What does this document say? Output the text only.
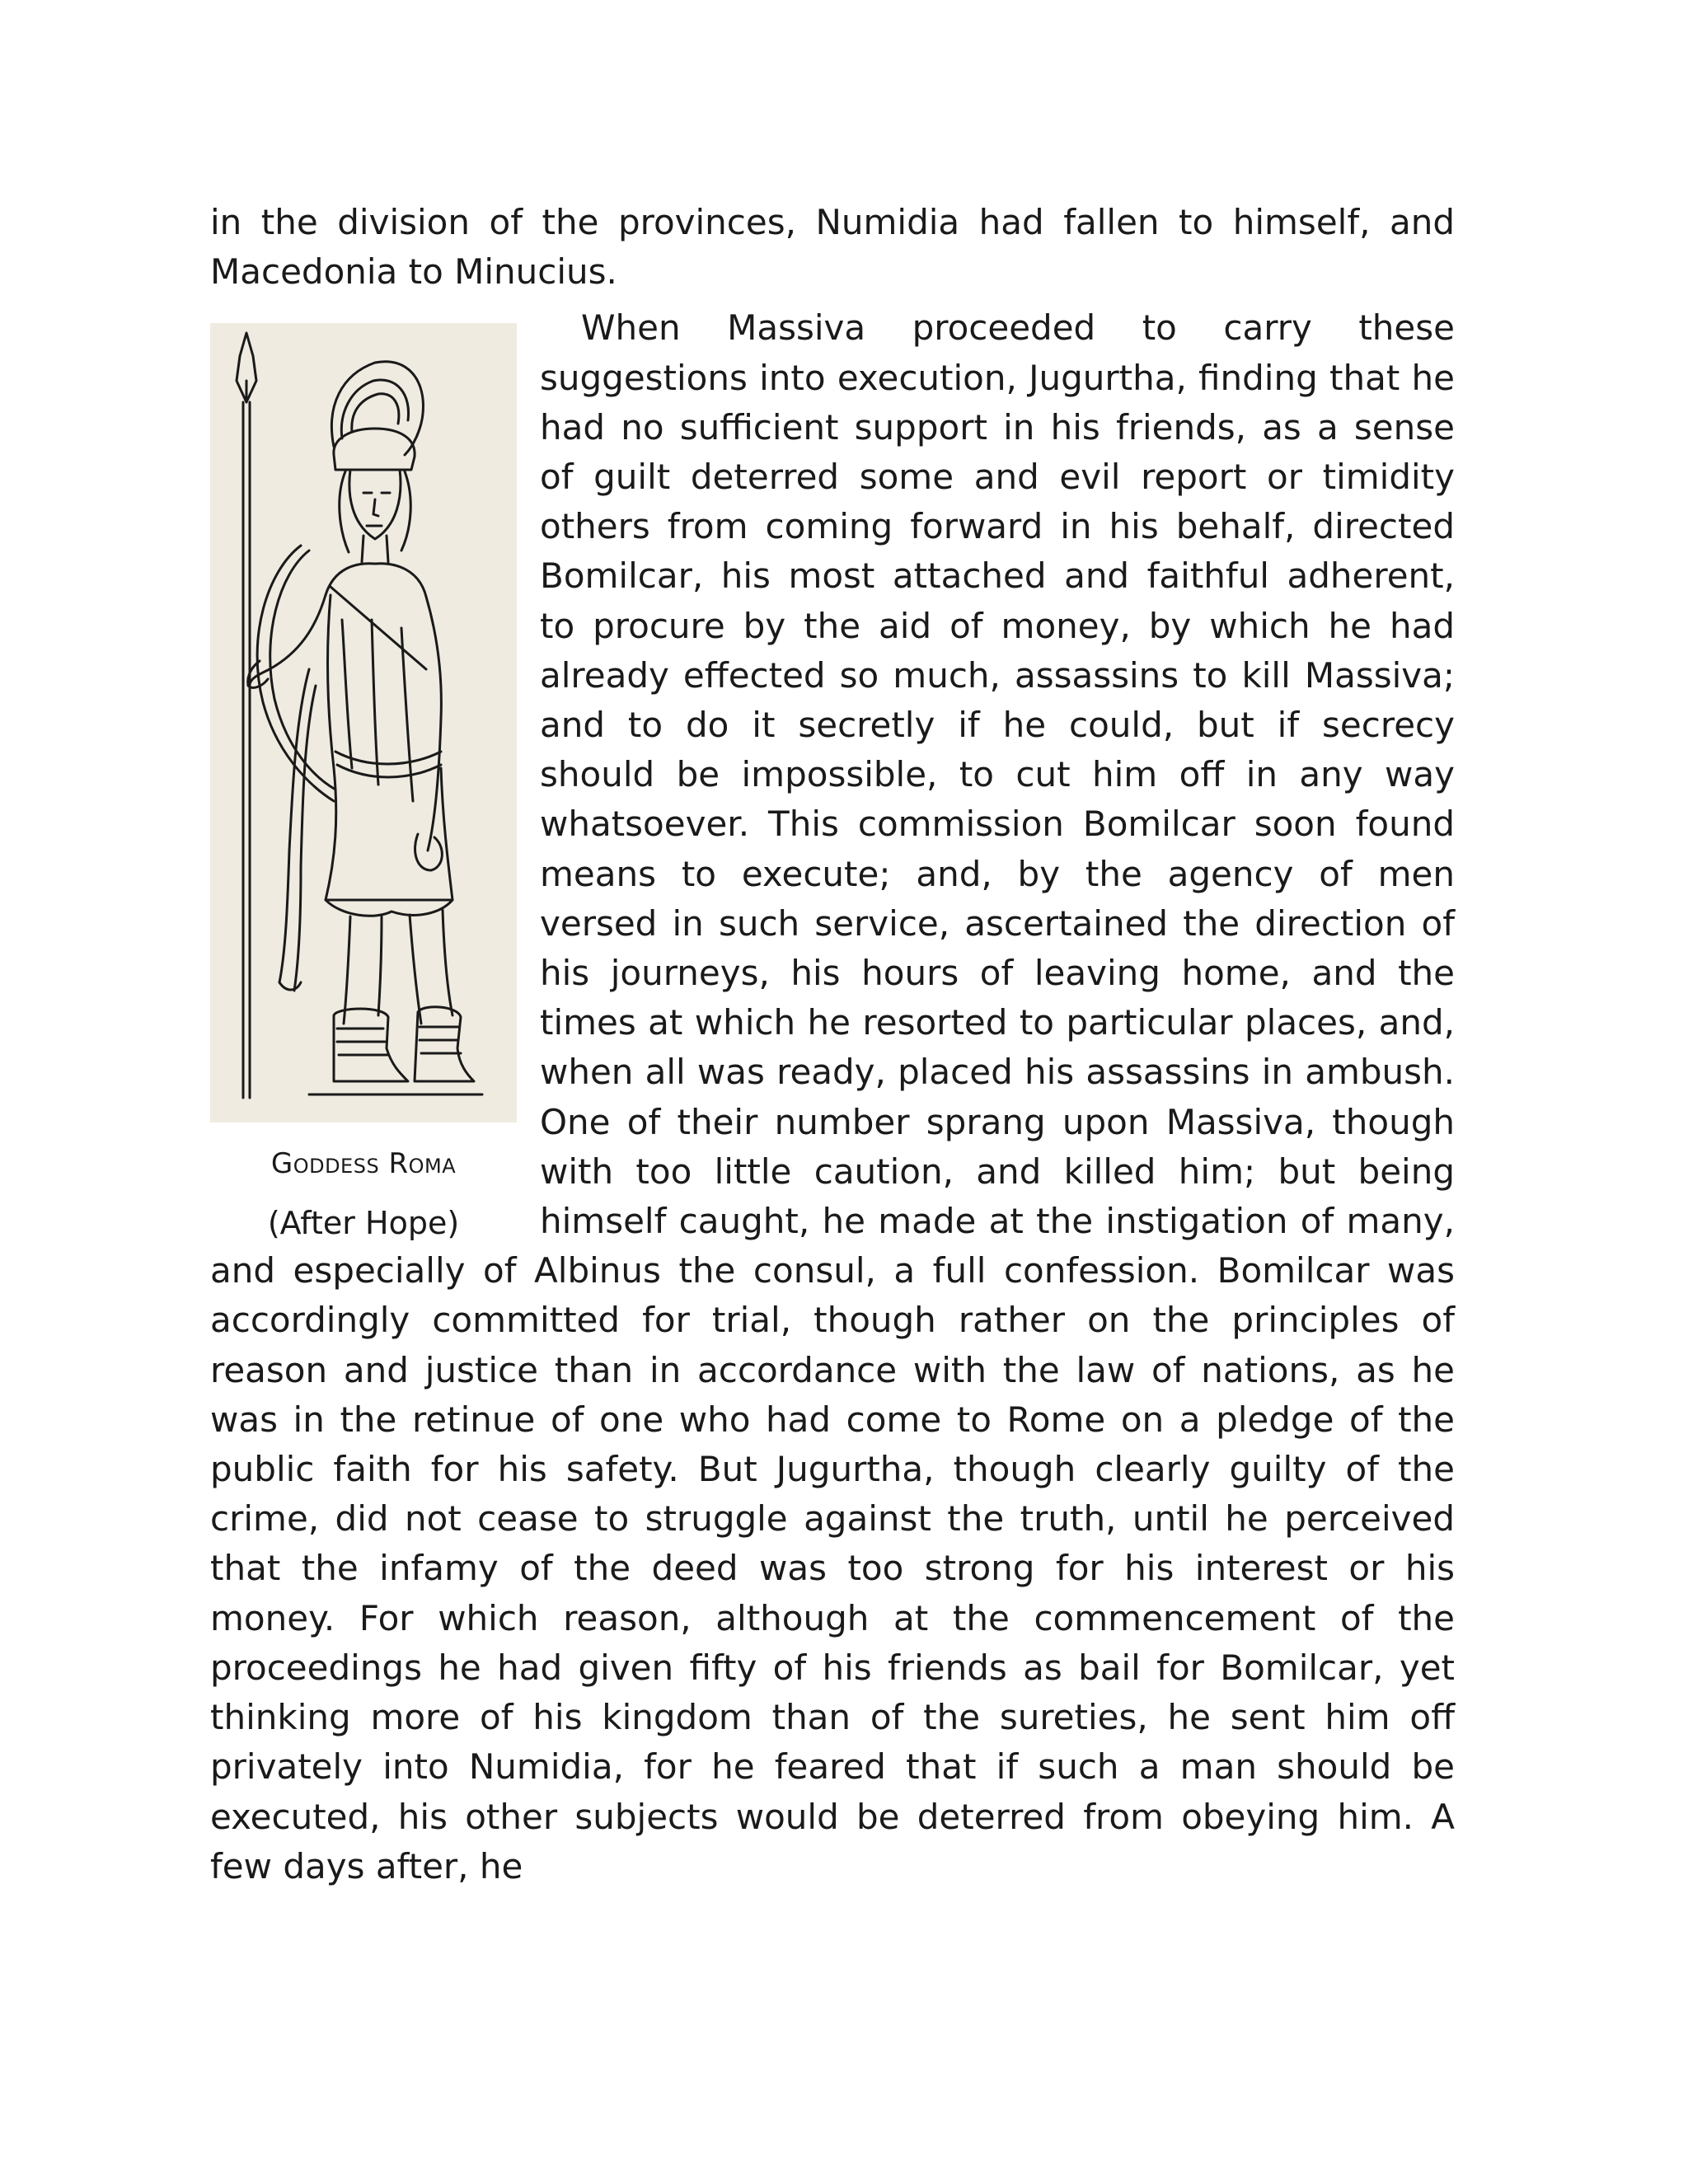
in the division of the provinces, Numidia had fallen to himself, and Macedonia to Minucius.

Goddess Roma
(After Hope)

When Massiva proceeded to carry these suggestions into execution, Jugurtha, finding that he had no sufficient support in his friends, as a sense of guilt deterred some and evil report or timidity others from coming forward in his behalf, directed Bomilcar, his most attached and faithful adherent, to procure by the aid of money, by which he had already effected so much, assassins to kill Massiva; and to do it secretly if he could, but if secrecy should be impossible, to cut him off in any way whatsoever. This commission Bomilcar soon found means to execute; and, by the agency of men versed in such service, ascertained the direction of his journeys, his hours of leaving home, and the times at which he resorted to particular places, and, when all was ready, placed his assassins in ambush. One of their number sprang upon Massiva, though with too little caution, and killed him; but being himself caught, he made at the instigation of many, and especially of Albinus the consul, a full confession. Bomilcar was accordingly committed for trial, though rather on the principles of reason and justice than in accordance with the law of nations, as he was in the retinue of one who had come to Rome on a pledge of the public faith for his safety. But Jugurtha, though clearly guilty of the crime, did not cease to struggle against the truth, until he perceived that the infamy of the deed was too strong for his interest or his money. For which reason, although at the commencement of the proceedings he had given fifty of his friends as bail for Bomilcar, yet thinking more of his kingdom than of the sureties, he sent him off privately into Numidia, for he feared that if such a man should be executed, his other subjects would be deterred from obeying him. A few days after, he
